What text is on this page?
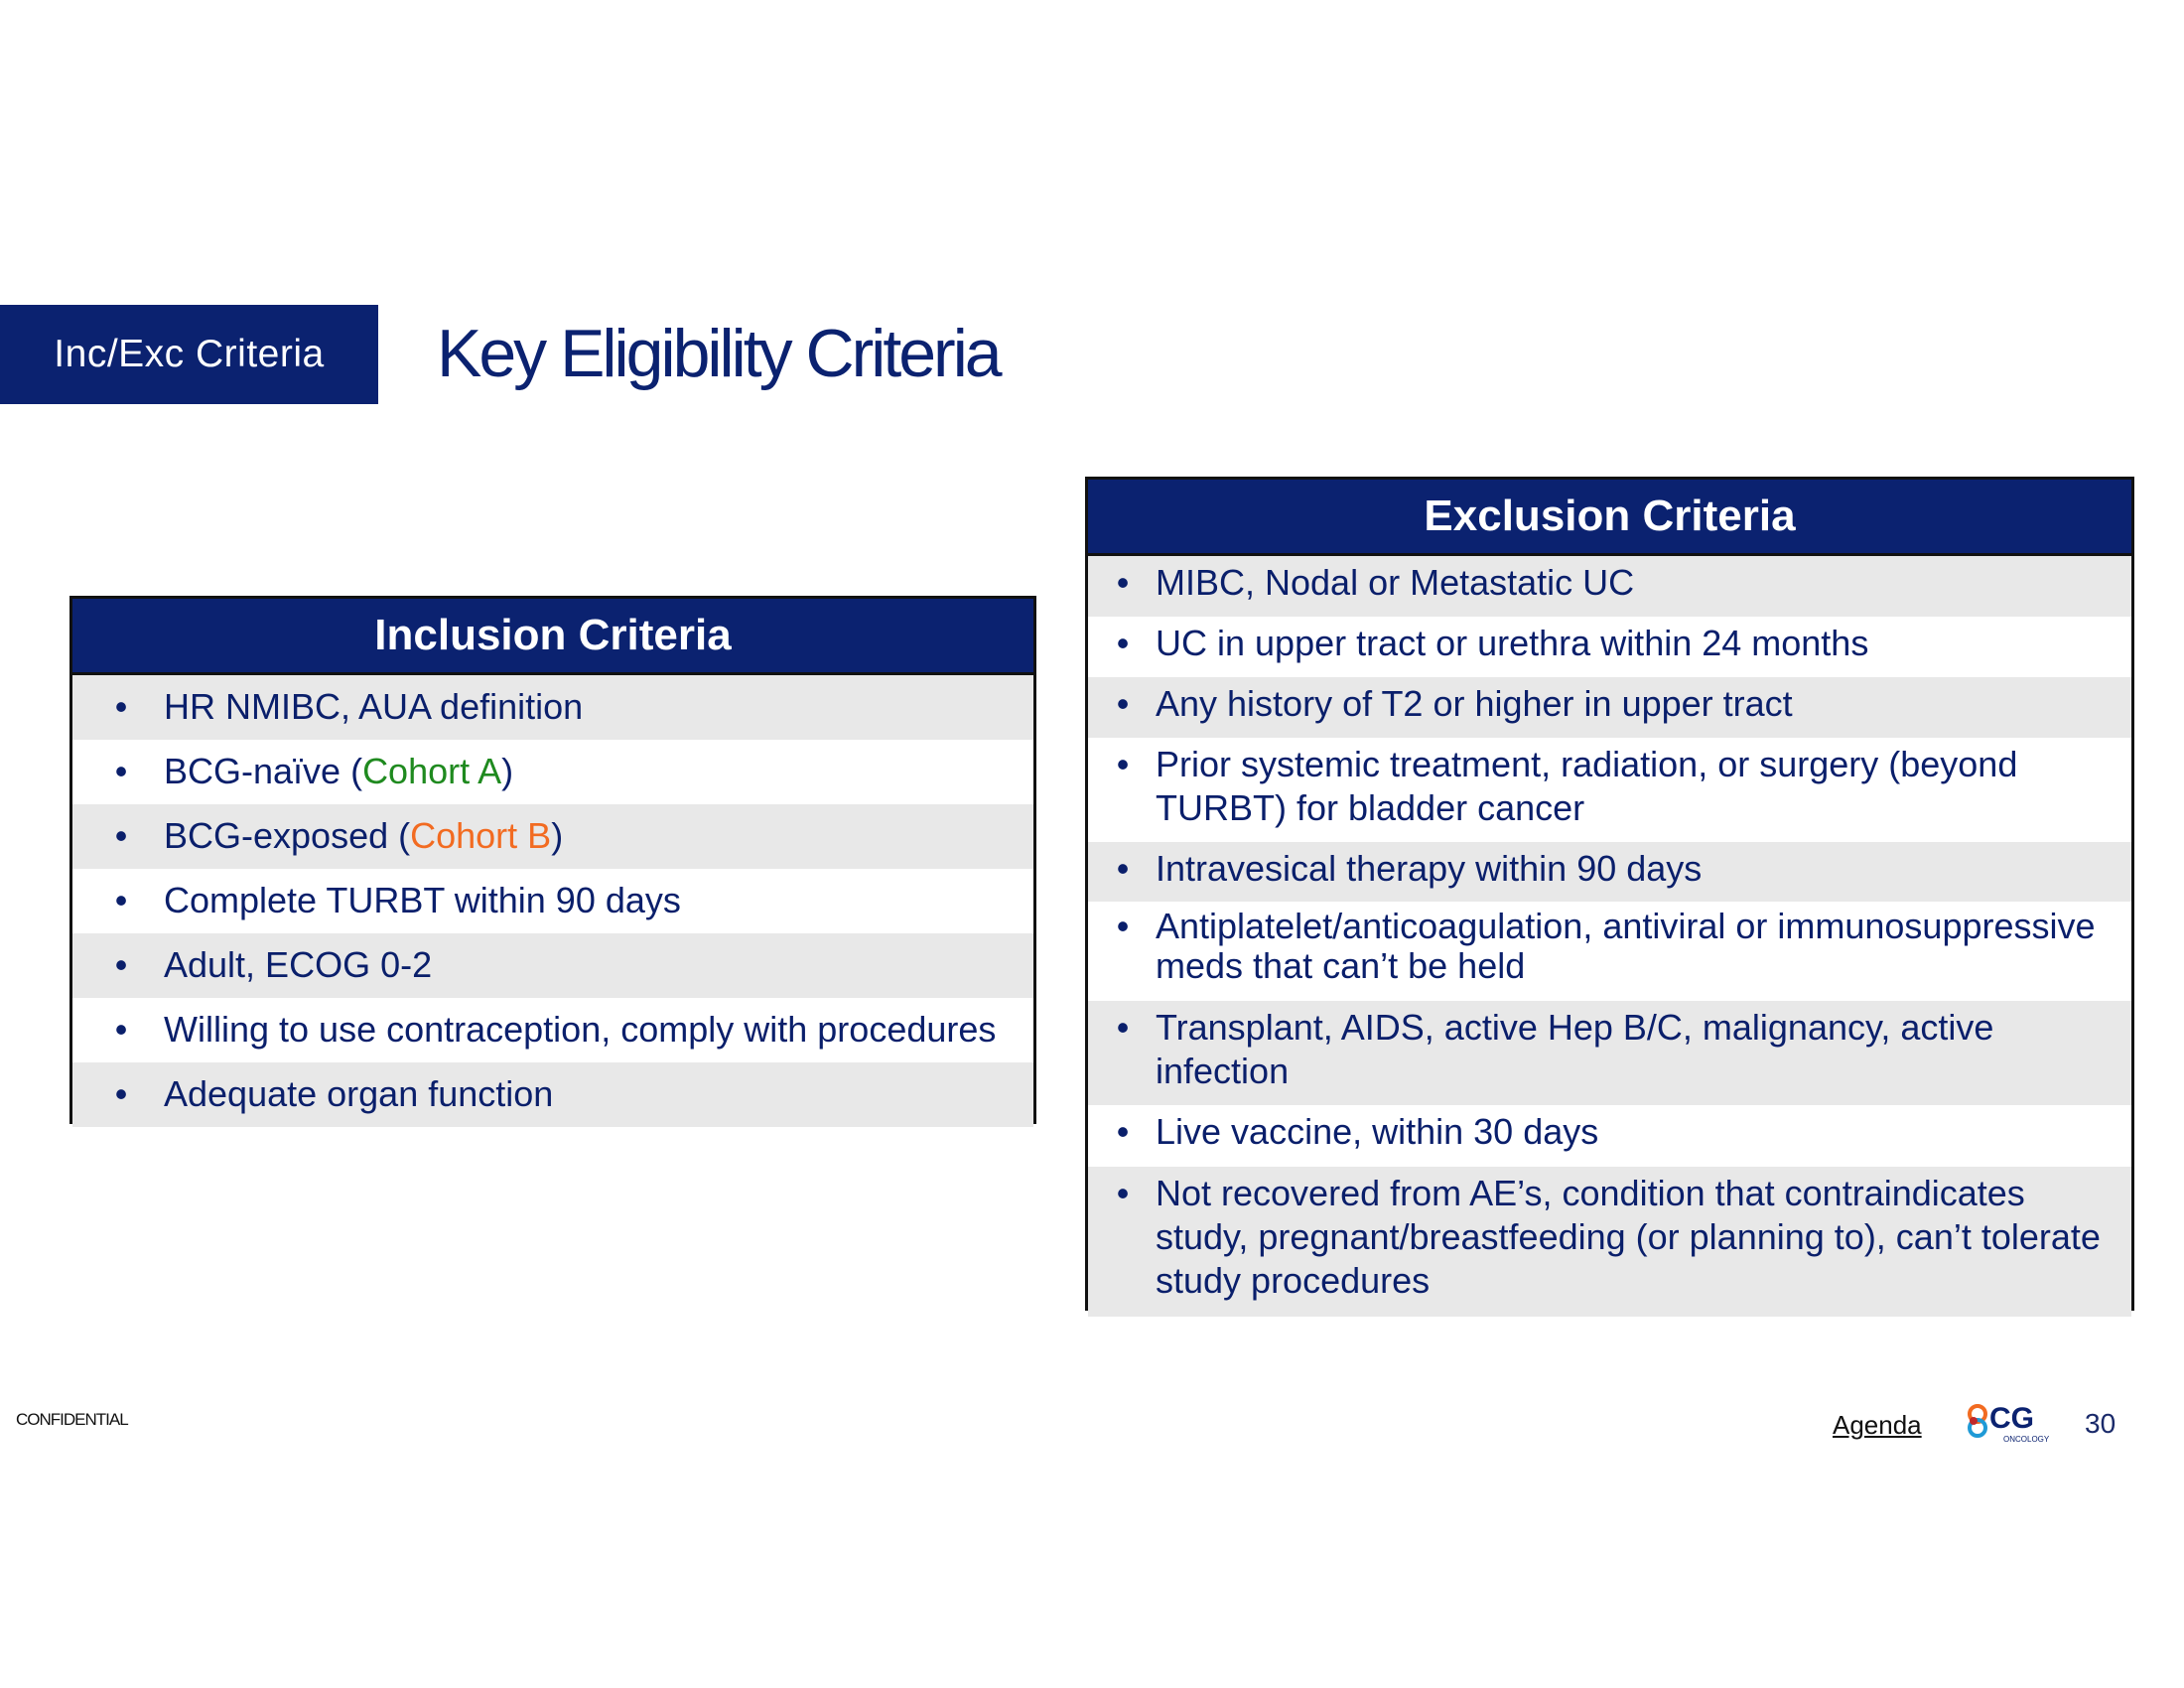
Inc/Exc Criteria	Key Eligibility Criteria
Inclusion Criteria
•	HR NMIBC, AUA definition
•	BCG-naïve (Cohort A)
•	BCG-exposed (Cohort B)
•	Complete TURBT within 90 days
•	Adult, ECOG 0-2
•	Willing to use contraception, comply with procedures
•	Adequate organ function
Exclusion Criteria
• MIBC, Nodal or Metastatic UC
• UC in upper tract or urethra within 24 months
• Any history of T2 or higher in upper tract
• Prior systemic treatment, radiation, or surgery (beyond TURBT) for bladder cancer
• Intravesical therapy within 90 days
• Antiplatelet/anticoagulation, antiviral or immunosuppressive meds that can’t be held
• Transplant, AIDS, active Hep B/C, malignancy, active infection
• Live vaccine, within 30 days
• Not recovered from AE’s, condition that contraindicates study, pregnant/breastfeeding (or planning to), can’t tolerate study procedures
CONFIDENTIAL	Agenda CG
ONCOLOGY
30
